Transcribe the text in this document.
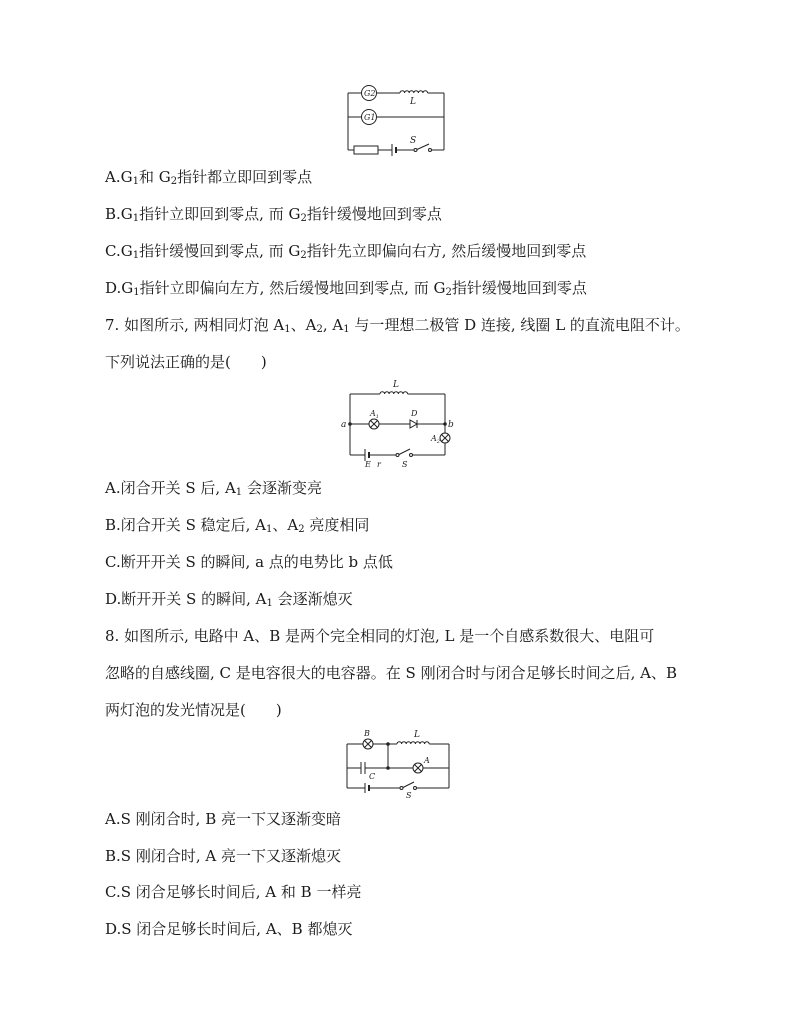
G2
G1
L
S
$A.G_1$和 $G_2$指针都立即回到零点
$B.G_1$指针立即回到零点, 而 $G_2$指针缓慢地回到零点
$C.G_1$指针缓慢回到零点, 而 $G_2$指针先立即偏向右方, 然后缓慢地回到零点
$D.G_1$指针立即偏向左方, 然后缓慢地回到零点, 而 $G_2$指针缓慢地回到零点
7. 如图所示, 两相同灯泡 $A_1$、$A_2$, $A_1$ 与一理想二极管 D 连接, 线圈 L 的直流电阻不计。
下列说法正确的是(　　)
L
a	b
$A_1$	D
$A_2$
E r	S
A.闭合开关 S 后, $A_1$ 会逐渐变亮
B.闭合开关 S 稳定后, $A_1$、$A_2$ 亮度相同
C.断开开关 S 的瞬间, a 点的电势比 b 点低
D.断开开关 S 的瞬间, $A_1$ 会逐渐熄灭
8. 如图所示, 电路中 A、B 是两个完全相同的灯泡, L 是一个自感系数很大、电阻可
忽略的自感线圈, C 是电容很大的电容器。在 S 刚闭合时与闭合足够长时间之后, A、B
两灯泡的发光情况是(　　)
B	L
A
C
S
A.S 刚闭合时, B 亮一下又逐渐变暗
B.S 刚闭合时, A 亮一下又逐渐熄灭
C.S 闭合足够长时间后, A 和 B 一样亮
D.S 闭合足够长时间后, A、B 都熄灭
